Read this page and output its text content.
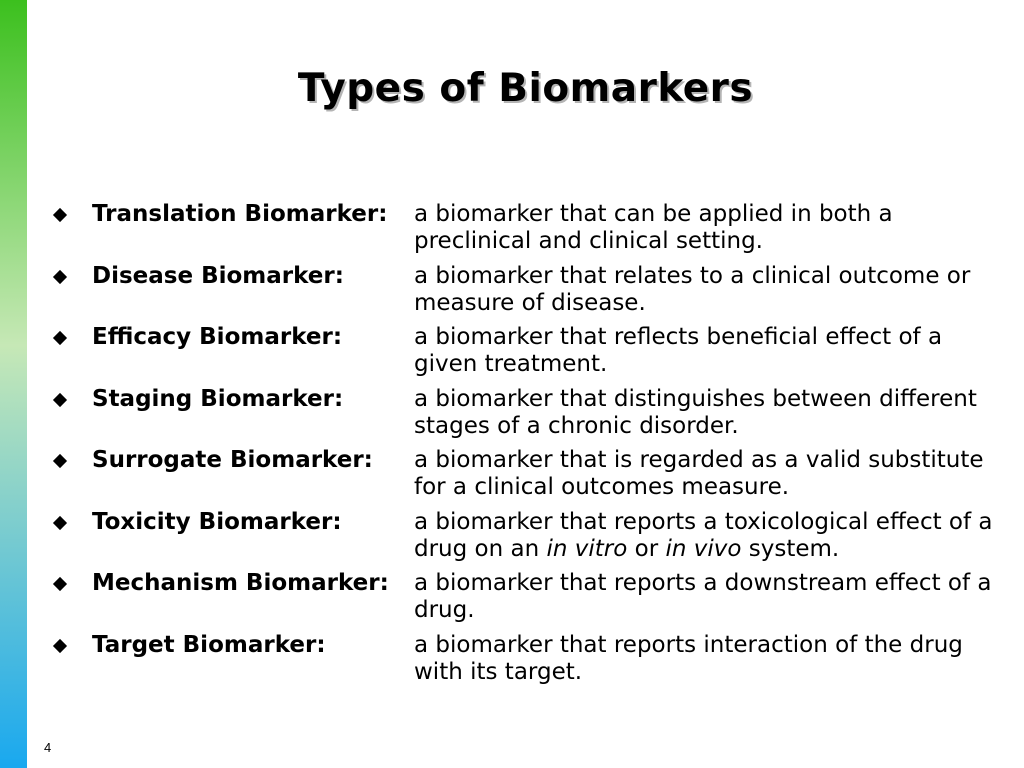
Types of Biomarkers
Translation Biomarker:	a biomarker that can be applied in both a preclinical and clinical setting.
Disease Biomarker:	a biomarker that relates to a clinical outcome or measure of disease.
Efficacy Biomarker:	a biomarker that reflects beneficial effect of a given treatment.
Staging Biomarker:	a biomarker that distinguishes between different stages of a chronic disorder.
Surrogate Biomarker:	a biomarker that is regarded as a valid substitute for a clinical outcomes measure.
Toxicity Biomarker:	a biomarker that reports a toxicological effect of a drug on an in vitro or in vivo system.
Mechanism Biomarker:	a biomarker that reports a downstream effect of a drug.
Target Biomarker:	a biomarker that reports interaction of the drug with its target.
4
